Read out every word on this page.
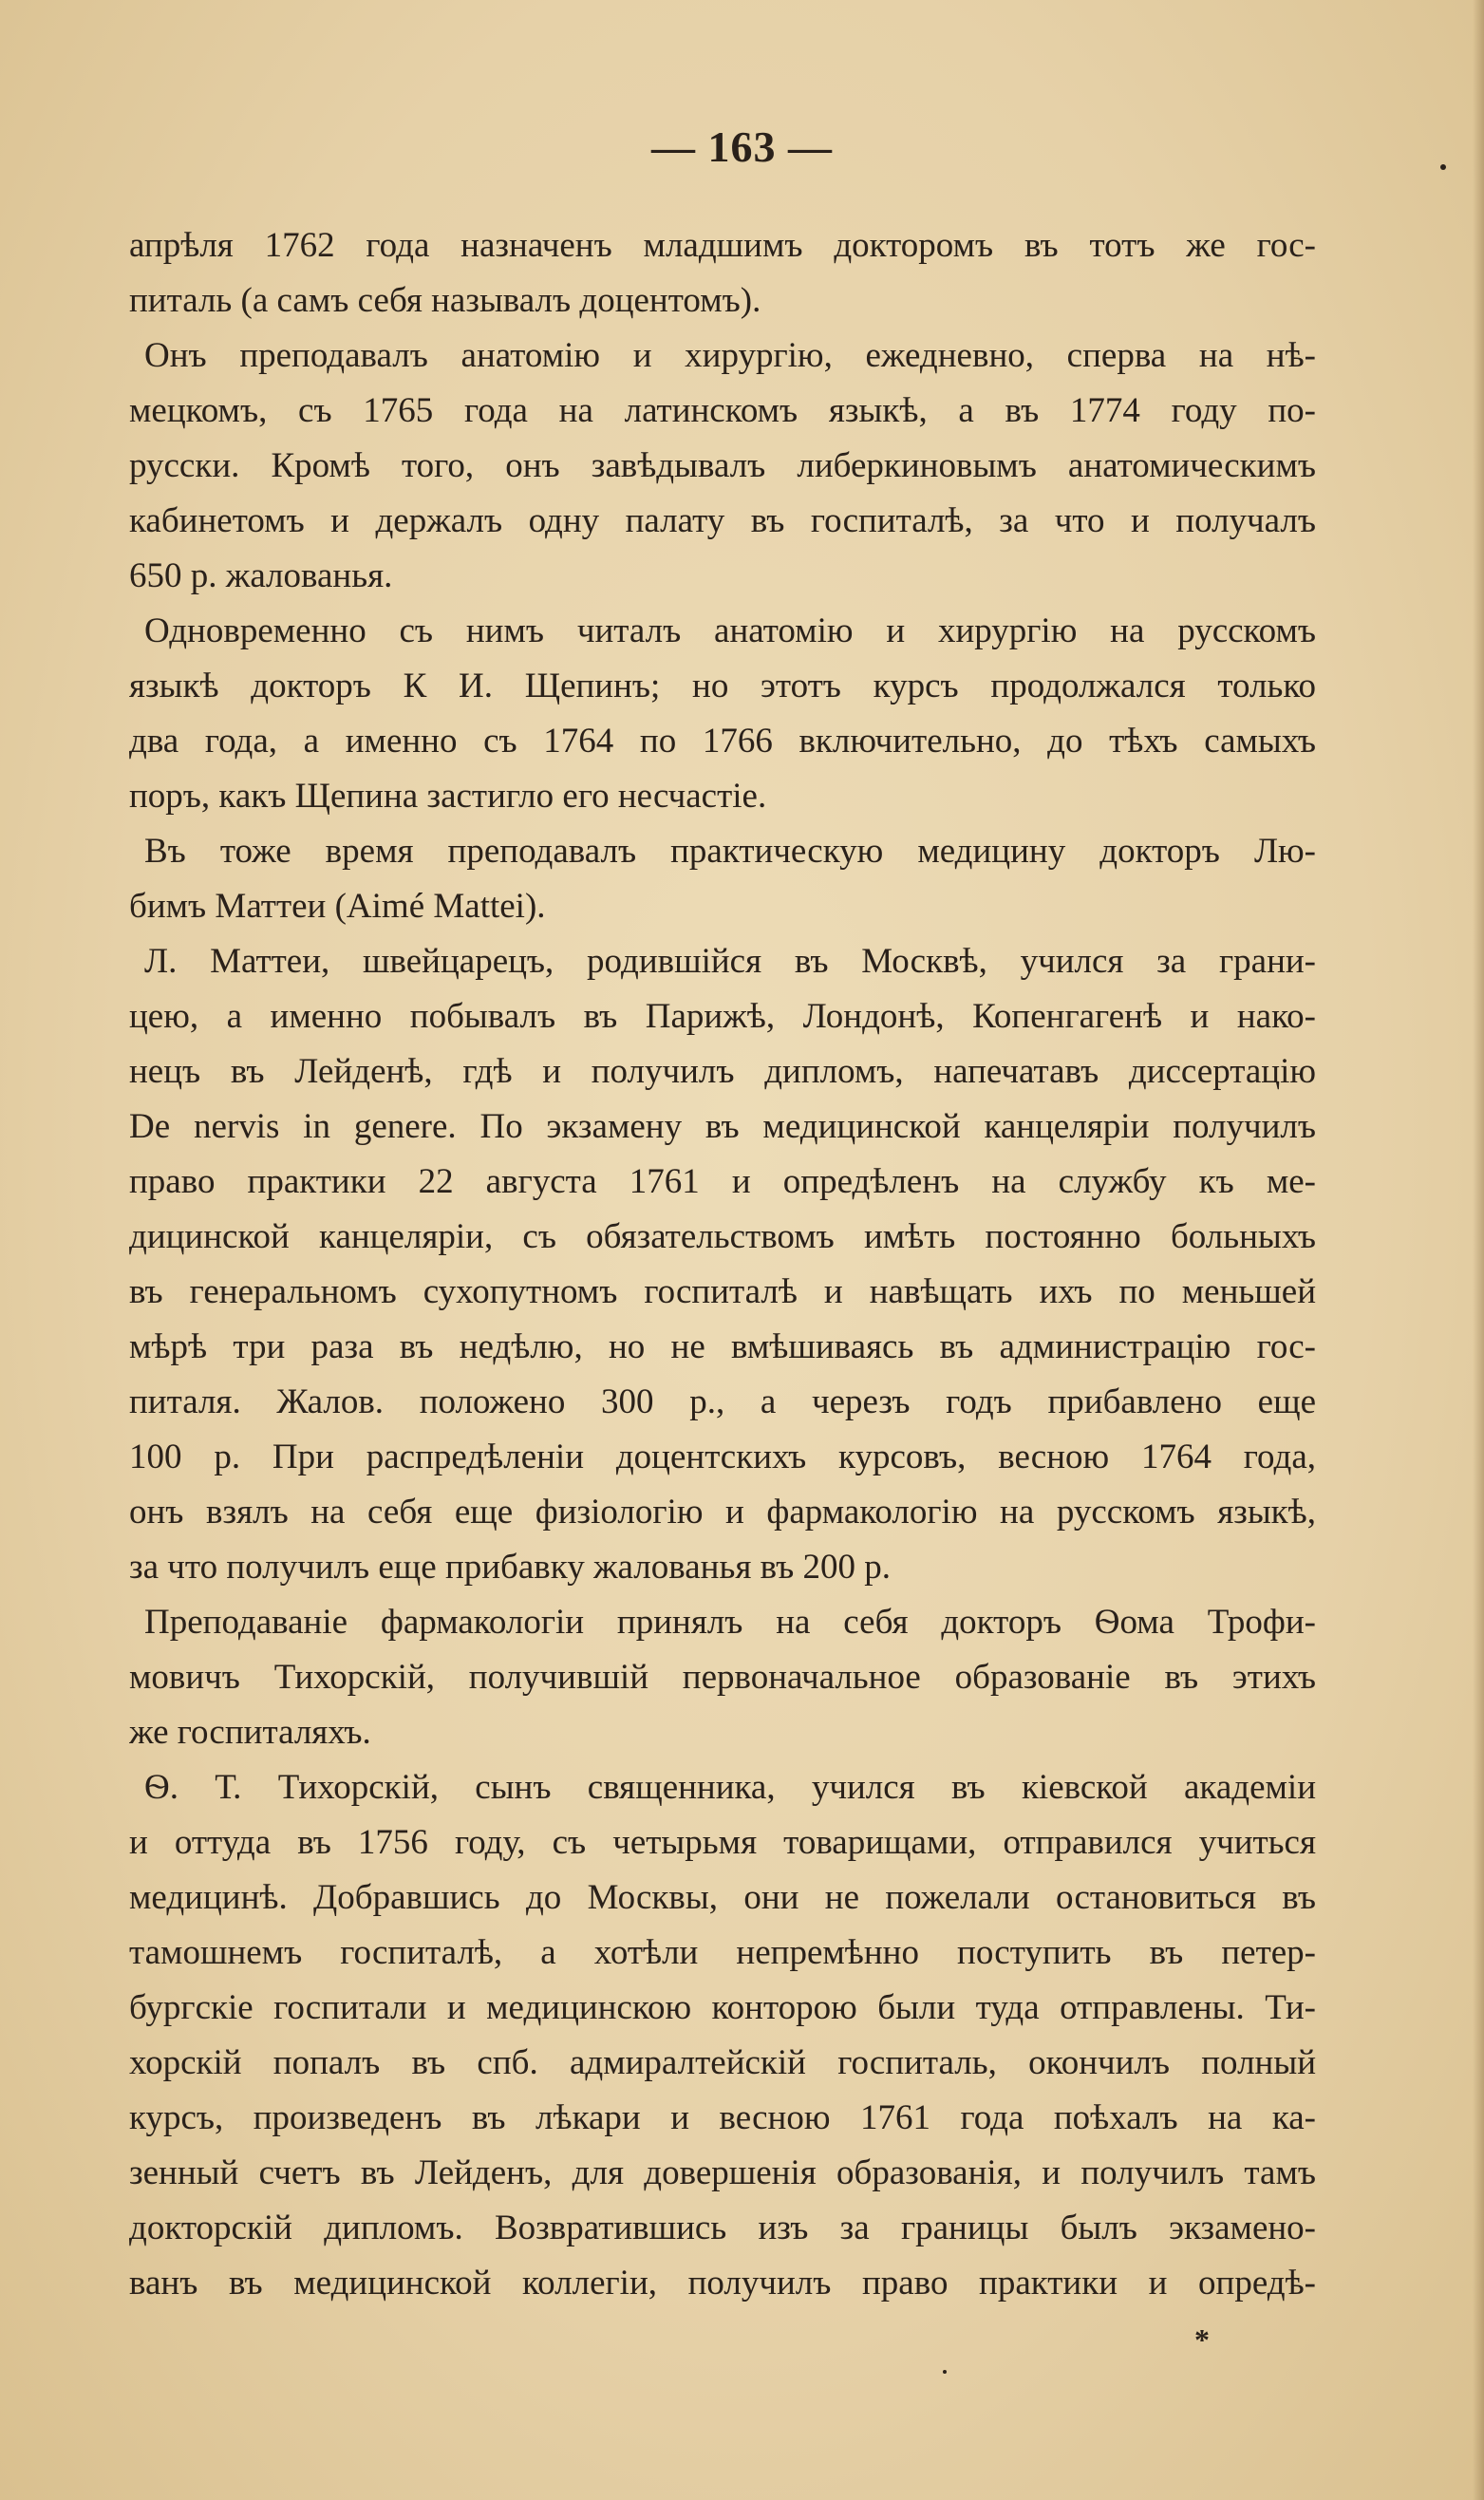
— 163 —
апрѣля 1762 года назначенъ младшимъ докторомъ въ тотъ же гос-
питаль (а самъ себя называлъ доцентомъ).
Онъ преподавалъ анатомію и хирургію, ежедневно, сперва на нѣ-
мецкомъ, съ 1765 года на латинскомъ языкѣ, а въ 1774 году по-
русски. Кромѣ того, онъ завѣдывалъ либеркиновымъ анатомическимъ
кабинетомъ и держалъ одну палату въ госпиталѣ, за что и получалъ
650 р. жалованья.
Одновременно съ нимъ читалъ анатомію и хирургію на русскомъ
языкѣ докторъ К И. Щепинъ; но этотъ курсъ продолжался только
два года, а именно съ 1764 по 1766 включительно, до тѣхъ самыхъ
поръ, какъ Щепина застигло его несчастіе.
Въ тоже время преподавалъ практическую медицину докторъ Лю-
бимъ Маттеи (Aimé Mattei).
Л. Маттеи, швейцарецъ, родившійся въ Москвѣ, учился за грани-
цею, а именно побывалъ въ Парижѣ, Лондонѣ, Копенгагенѣ и нако-
нецъ въ Лейденѣ, гдѣ и получилъ дипломъ, напечатавъ диссертацію
De nervis in genere. По экзамену въ медицинской канцеляріи получилъ
право практики 22 августа 1761 и опредѣленъ на службу къ ме-
дицинской канцеляріи, съ обязательствомъ имѣть постоянно больныхъ
въ генеральномъ сухопутномъ госпиталѣ и навѣщать ихъ по меньшей
мѣрѣ три раза въ недѣлю, но не вмѣшиваясь въ администрацію гос-
питаля. Жалов. положено 300 р., а черезъ годъ прибавлено еще
100 р. При распредѣленіи доцентскихъ курсовъ, весною 1764 года,
онъ взялъ на себя еще физіологію и фармакологію на русскомъ языкѣ,
за что получилъ еще прибавку жалованья въ 200 р.
Преподаваніе фармакологіи принялъ на себя докторъ Ѳома Трофи-
мовичъ Тихорскій, получившій первоначальное образованіе въ этихъ
же госпиталяхъ.
Ѳ. Т. Тихорскій, сынъ священника, учился въ кіевской академіи
и оттуда въ 1756 году, съ четырьмя товарищами, отправился учиться
медицинѣ. Добравшись до Москвы, они не пожелали остановиться въ
тамошнемъ госпиталѣ, а хотѣли непремѣнно поступить въ петер-
бургскіе госпитали и медицинскою конторою были туда отправлены. Ти-
хорскій попалъ въ спб. адмиралтейскій госпиталь, окончилъ полный
курсъ, произведенъ въ лѣкари и весною 1761 года поѣхалъ на ка-
зенный счетъ въ Лейденъ, для довершенія образованія, и получилъ тамъ
докторскій дипломъ. Возвратившись изъ за границы былъ экзамено-
ванъ въ медицинской коллегіи, получилъ право практики и опредѣ-
*
